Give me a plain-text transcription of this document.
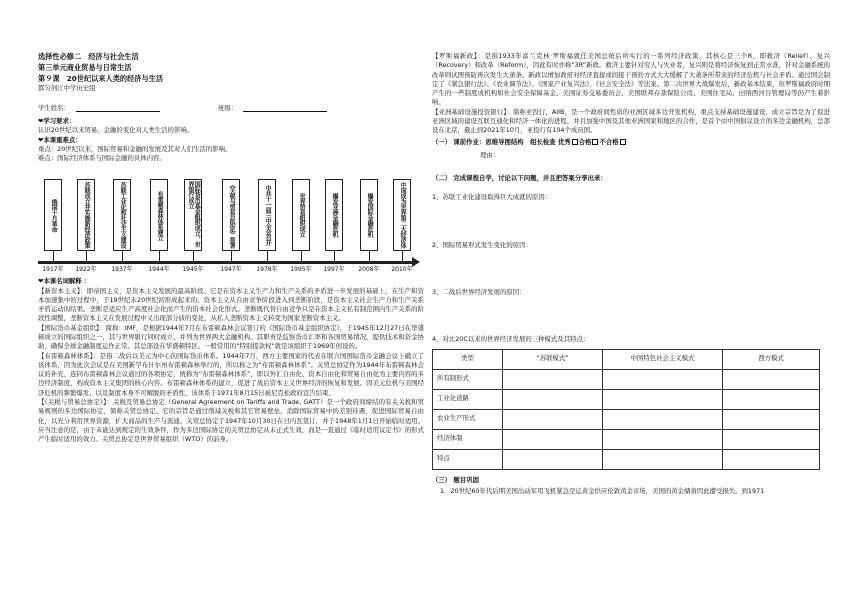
选择性必修二　经济与社会生活
第三单元商业贸易与日常生活
第９课　20世纪以来人类的经济与生活
都匀剑江中学历史组
学生姓名：	班级：
❤学习要求：
认识20世纪以来贸易、金融的变化对人类生活的影响。
❤本课重难点：
重点：20世纪以来，国际贸易和金融的发展及其对人们生活的影响。
难点：国际经济体系与国际金融的具体内容。
俄国十月革命	苏联成立并实施新经济政策	苏联工业化和社会主义建设	布雷顿森林体系建立	国际货币基金组织成立，世界银行成立	《关税与贸易总协定》签署	中共十一届三中全会召开	世界贸易组织成立	爆发亚洲金融危机	爆发国际金融危机	中国成为世界第二大经济体
1917年 1922年 1937年	1944年 1945年	1947年 1978年 1995年 1997年 2008年 2010年
❤本课名词解释 ：
【新资本主义】：即帝国主义，是资本主义发展的最高阶段。它是在资本主义生产力和生产关系的矛盾进一步发展的基础上，在生产和资本加速集中的过程中，于19世纪末20世纪初形成起来的。资本主义从自由竞争阶段进入到垄断阶段，是资本主义社会生产力和生产关系矛盾运动的结果。垄断是适应生产高度社会化而产生的资本社会化形式。垄断既代替自由竞争只是在资本主义私有制范围内生产关系的阶段性调整，垄断资本主义在发展过程中又出现部分质的变化，从私人垄断资本主义转变为国家垄断资本主义。
【国际货币基金组织】：简称：IMF，是根据1944年7月在布雷顿森林会议签订的《国际货币基金组织协定》，于1945年12月27日在华盛顿成立的国际组织之一，其与世界银行同时成立、并列为世界两大金融机构。其职责是监察货币汇率和各国贸易情况，提供技术和资金协助，确保全球金融制度运作正常。其总部设在华盛顿特区。一般常用的“特别提款权”就是该组织于1969年创设的。
【布雷顿森林体系】：是指二战后以美元为中心的国际货币体系。1944年7月，西方主要国家的代表在联合国国际货币金融会议上确立了该体系，因为此次会议是在美国新罕布什尔州布雷顿森林举行的，所以称之为“布雷顿森林体系”。关贸总协定作为1944年布雷顿森林会议的补充，连同布雷顿森林会议通过的各项协定，统称为“布雷顿森林体系”，即以外汇自由化、资本自由化和贸易自由化为主要内容的多边经济制度，构成资本主义集团的核心内容。布雷顿森林体系的建立，促进了战后资本主义世界经济的恢复和发展。因美元危机与美国经济危机的频繁爆发，以及制度本身不可解脱的矛盾性，该体系于1971年8月15日被尼克松政府宣告结束。
【《关税与贸易总协定》】：关税及贸易总协定（General Agreement on Tariffs and Trade, GATT）是一个政府间缔结的有关关税和贸易规则的多边国际协定，简称关贸总协定。它的宗旨是通过削减关税和其它贸易壁垒，消除国际贸易中的差别待遇，促进国际贸易自由化，以充分利用世界资源，扩大商品的生产与流通。关贸总协定于1947年10月30日在日内瓦签订，并于1948年1月1日开始临时适用。应当注意的是，由于未能达到规定的生效条件，作为多边国际协定的关贸总协定从未正式生效，而是一直通过《临时适用议定书》的形式产生临时适用的效力。关贸总协定是世界贸易组织（WTO）的前身。
【罗斯福新政】：是指1933年富兰克林·罗斯福就任美国总统后所实行的一系列经济政策，其核心是三个R，即救济（Relief）、复兴（Recovery）和改革（Reform），因此有时亦称“3R”新政。救济主要针对穷人与失业者，复兴则是将经济恢复到正常水准，针对金融系统的改革则试图预防再次发生大萧条。新政以增加政府对经济直接或间接干预的方式大大缓解了大萧条所带来的经济危机与社会矛盾。通过国会制定了《紧急银行法》、《农业调节法》、《国家产业复兴法》、《社会安全法》等法案。第二次世界大战爆发后，新政基本结束，但罗斯福政府时期产生的一些制度或机构如社会安全保障基金、美国证券交易委员会、美国联邦存款保险公司、美国住宅局、田纳西河谷管理局等仍产生着影响。
【亚洲基础设施投资银行】：简称亚投行，AIIB，是一个政府间性质的亚洲区域多边开发机构，重点支持基础设施建设，成立宗旨是为了促进亚洲区域的建设互联互通化和经济一体化的进程，并且加强中国及其他亚洲国家和地区的合作，是首个由中国倡议设立的多边金融机构，总部设在北京，截止到2021年10月，亚投行有104个成员国。
（一） 课前作业：思维导图结构　组长检查 优秀 合格 不合格
理由：
（二） 完成课程自学，讨论以下问题，并且把答案分享出来：
1、苏联工业化建设取得巨大成就的原因：
2、国际贸易形式发生变化的原因：
3、二战后世界经济发展的原因：
4、对比20C以来的世界经济发展的三种模式及其特点：
类型	“苏联模式”	中国特色社会主义模式	西方模式
所有制形式			
工业化道路			
农业生产形式			
经济体制			
特点			
（三） 题目巩固
1．20世纪60年代后期美国出动军用飞机紧急空运黄金供应伦敦黄金市场，美国的黄金储备因此遭受损失。到1971
